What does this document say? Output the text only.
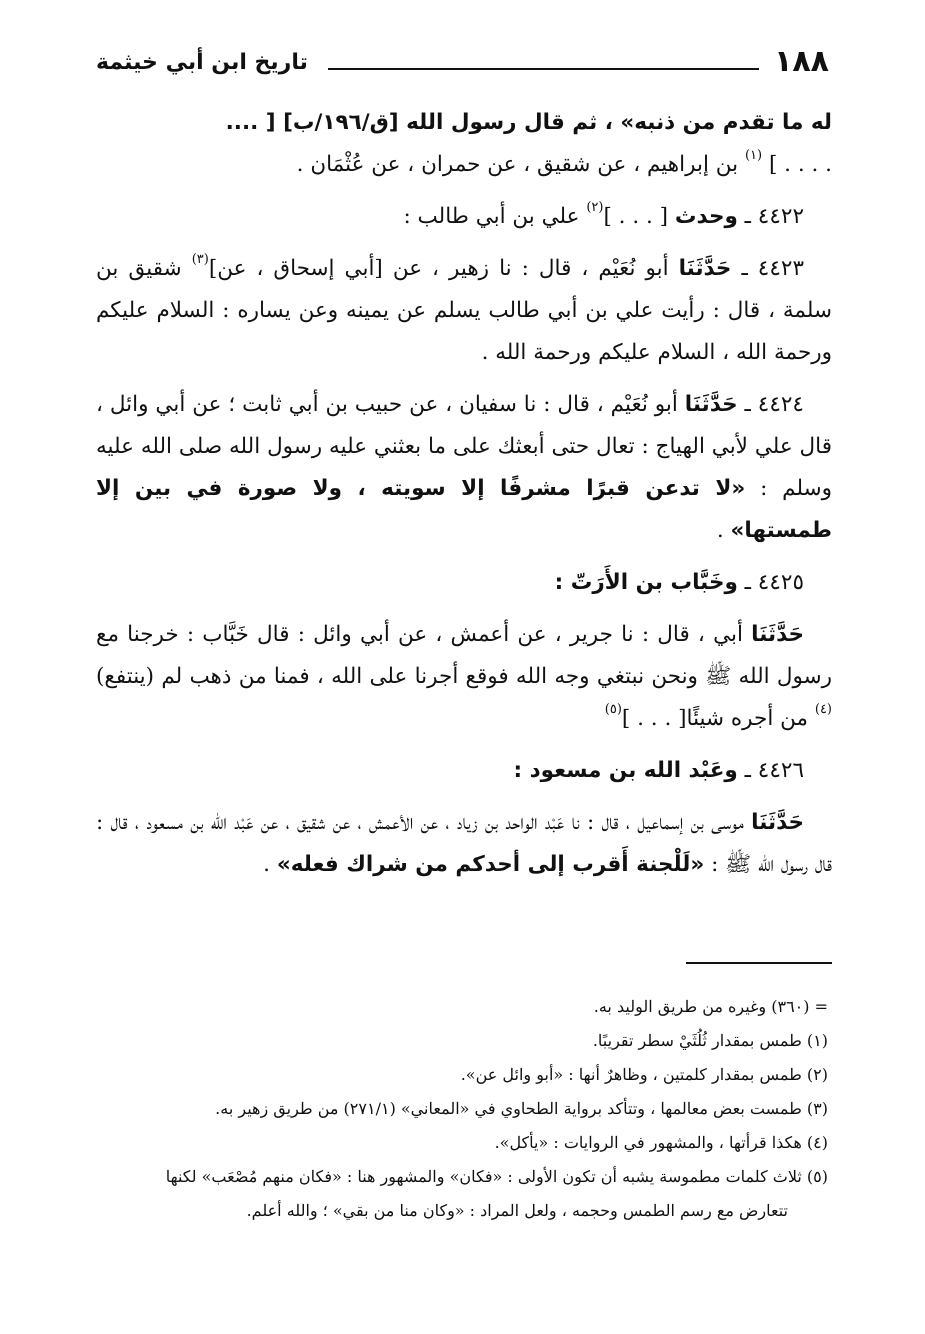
١٨٨
تاريخ ابن أبي خيثمة

له ما تقدم من ذنبه» ، ثم قال رسول الله [ق/١٩٦/ب] [ ....
. . . . ] $^{(١)}$ بن إبراهيم ، عن شقيق ، عن حمران ، عن عُثْمَان .

٤٤٢٢ ـ وحدث [ . . . ]$^{(٢)}$ علي بن أبي طالب :

٤٤٢٣ ـ حَدَّثَنَا أبو نُعَيْم ، قال : نا زهير ، عن [أبي إسحاق ، عن]$^{(٣)}$ شقيق بن سلمة ، قال : رأيت علي بن أبي طالب يسلم عن يمينه وعن يساره : السلام عليكم ورحمة الله ، السلام عليكم ورحمة الله .

٤٤٢٤ ـ حَدَّثَنَا أبو نُعَيْم ، قال : نا سفيان ، عن حبيب بن أبي ثابت ؛ عن أبي وائل ، قال علي لأبي الهياج : تعال حتى أبعثك على ما بعثني عليه رسول الله صلى الله عليه وسلم : «لا تدعن قبرًا مشرفًا إلا سويته ، ولا صورة في بين إلا طمستها» .

٤٤٢٥ ـ وخَبَّاب بن الأَرَتّ :

حَدَّثَنَا أبي ، قال : نا جرير ، عن أعمش ، عن أبي وائل : قال خَبَّاب : خرجنا مع رسول الله ﷺ ونحن نبتغي وجه الله فوقع أجرنا على الله ، فمنا من ذهب لم (ينتفع)$^{(٤)}$ من أجره شيئًا[ . . . ]$^{(٥)}$

٤٤٢٦ ـ وعَبْد الله بن مسعود :

حَدَّثَنَا موسى بن إسماعيل ، قال : نا عَبْد الواحد بن زياد ، عن الأعمش ، عن شقيق ، عن عَبْد الله بن مسعود ، قال : قال رسول الله ﷺ : «لَلْجنة أَقرب إلى أحدكم من شراك فعله» .

= (٣٦٠) وغيره من طريق الوليد به.

(١) طمس بمقدار ثُلُثَيْ سطر تقريبًا.

(٢) طمس بمقدار كلمتين ، وظاهرٌ أنها : «أبو وائل عن».

(٣) طمست بعض معالمها ، وتتأكد برواية الطحاوي في «المعاني» (٢٧١/١) من طريق زهير به.

(٤) هكذا قرأتها ، والمشهور في الروايات : «يأكل».

(٥) ثلاث كلمات مطموسة يشبه أن تكون الأولى : «فكان» والمشهور هنا : «فكان منهم مُصْعَب» لكنها

تتعارض مع رسم الطمس وحجمه ، ولعل المراد : «وكان منا من بقي» ؛ والله أعلم.
